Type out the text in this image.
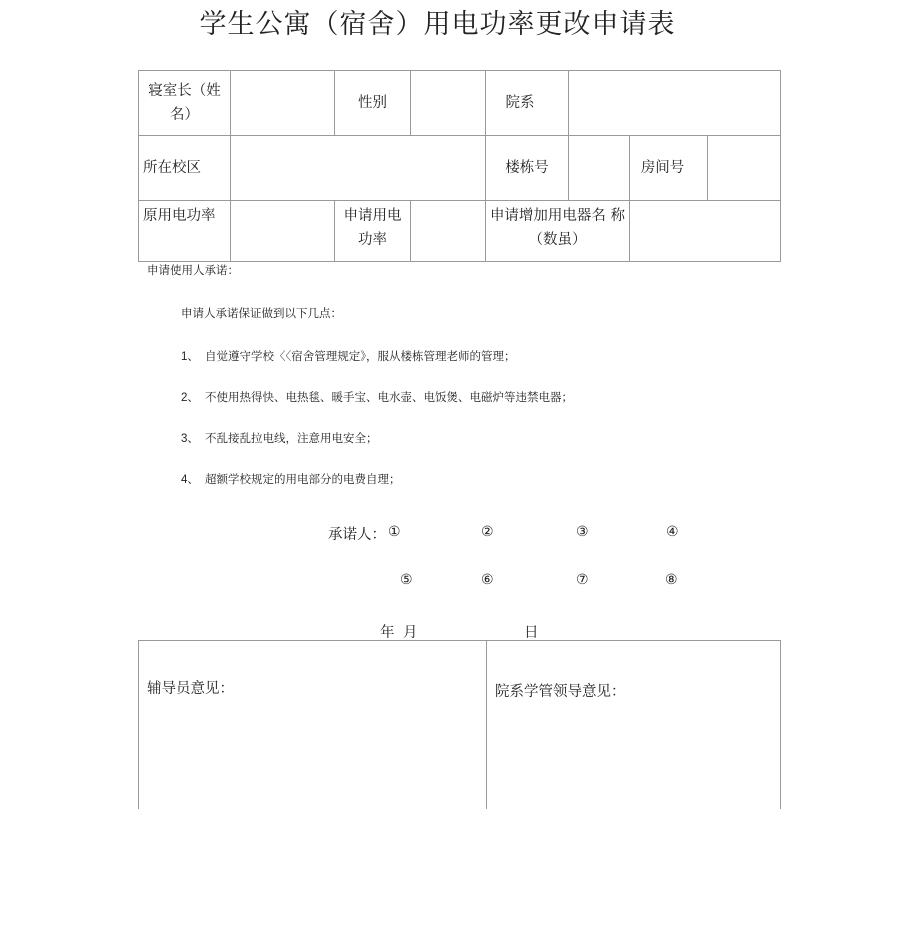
学生公寓（宿舍）用电功率更改申请表
寝室长（姓名）		性别		院系			
所在校区				楼栋号		房间号	
原用电功率		申请用电功率		申请增加用电器名 称（数虽）			

申请使用人承诺：
申请人承诺保证做到以下几点：
1、 自觉遵守学校〈〈宿舍管理规定》，服从楼栋管理老师的管理；
2、 不使用热得快、电热毯、暖手宝、电水壶、电饭煲、电磁炉等违禁电器；
3、 不乱接乱拉电线，注意用电安全；
4、 超额学校规定的用电部分的电费自理；
承诺人： ①	②	③	④
⑤	⑥	⑦	⑧
年 月	日
辅导员意见：	院系学管领导意见：
